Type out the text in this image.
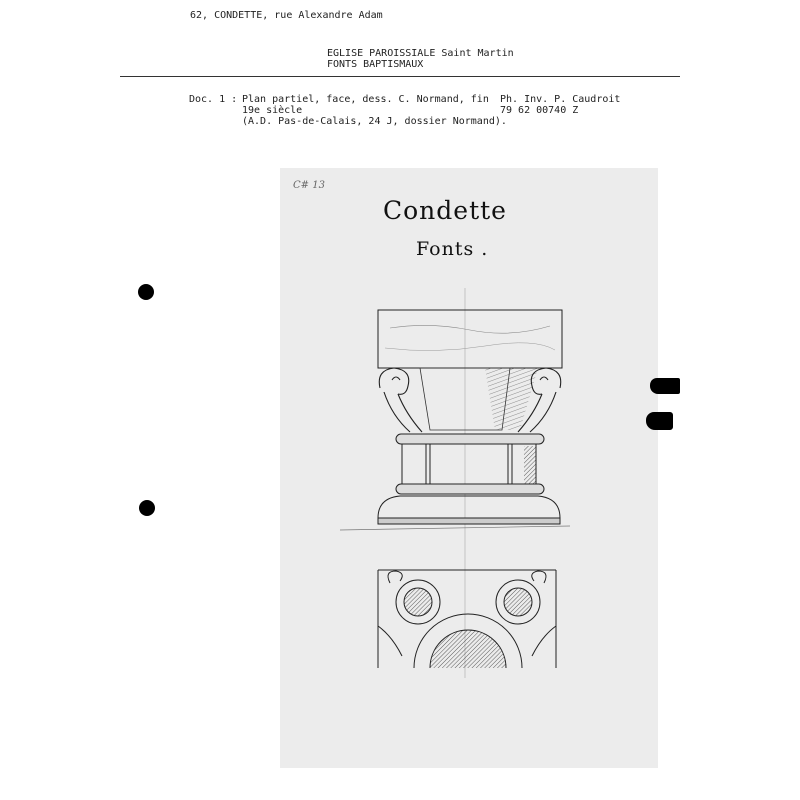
62, CONDETTE, rue Alexandre Adam
EGLISE PAROISSIALE Saint Martin
FONTS BAPTISMAUX
Doc. 1 : Plan partiel, face, dess. C. Normand, fin
19e siècle
(A.D. Pas-de-Calais, 24 J, dossier Normand).
Ph. Inv. P. Caudroit
79 62 00740 Z
C# 13
Condette
Fonts .
